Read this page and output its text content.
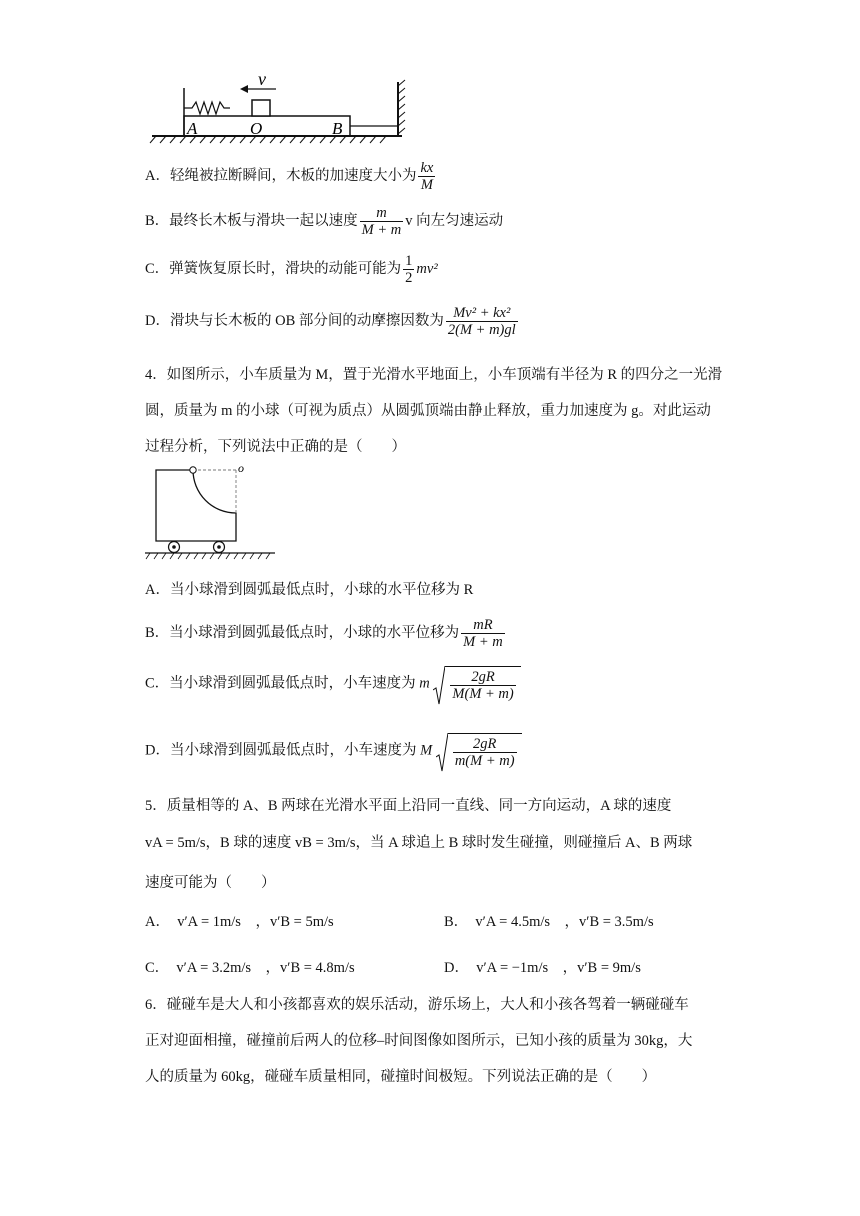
v
A	O	B
A．轻绳被拉断瞬间，木板的加速度大小为 $\frac{kx}{M}$
B．最终长木板与滑块一起以速度 $\frac{m}{M + m}$ v 向左匀速运动
C．弹簧恢复原长时，滑块的动能可能为 $\frac{1}{2} mv^2$
D．滑块与长木板的 OB 部分间的动摩擦因数为 $\frac{\text{Mv² + kx²}}{2(M + m)gl}$
4．如图所示，小车质量为 M，置于光滑水平地面上，小车顶端有半径为 R 的四分之一光滑圆，质量为 m 的小球（可视为质点）从圆弧顶端由静止释放，重力加速度为 g。对此运动过程分析，下列说法中正确的是（　　）
o
A．当小球滑到圆弧最低点时，小球的水平位移为 R
B．当小球滑到圆弧最低点时，小球的水平位移为 $\frac{mR}{M + m}$
C．当小球滑到圆弧最低点时，小车速度为 m $\frac{2gR}{M(M + m)}$
D．当小球滑到圆弧最低点时，小车速度为 M $\frac{2gR}{m(M + m)}$
5．质量相等的 A、B 两球在光滑水平面上沿同一直线、同一方向运动，A 球的速度
vA = 5m/s，B 球的速度 vB = 3m/s，当 A 球追上 B 球时发生碰撞，则碰撞后 A、B 两球
速度可能为（　　）
A．　v′A = 1m/s　，v′B = 5m/s	B．　v′A = 4.5m/s　，v′B = 3.5m/s
C．　v′A = 3.2m/s　，v′B = 4.8m/s	D．　v′A = −1m/s　，v′B = 9m/s
6．碰碰车是大人和小孩都喜欢的娱乐活动，游乐场上，大人和小孩各驾着一辆碰碰车
正对迎面相撞，碰撞前后两人的位移–时间图像如图所示，已知小孩的质量为 30kg，大
人的质量为 60kg，碰碰车质量相同，碰撞时间极短。下列说法正确的是（　　）
